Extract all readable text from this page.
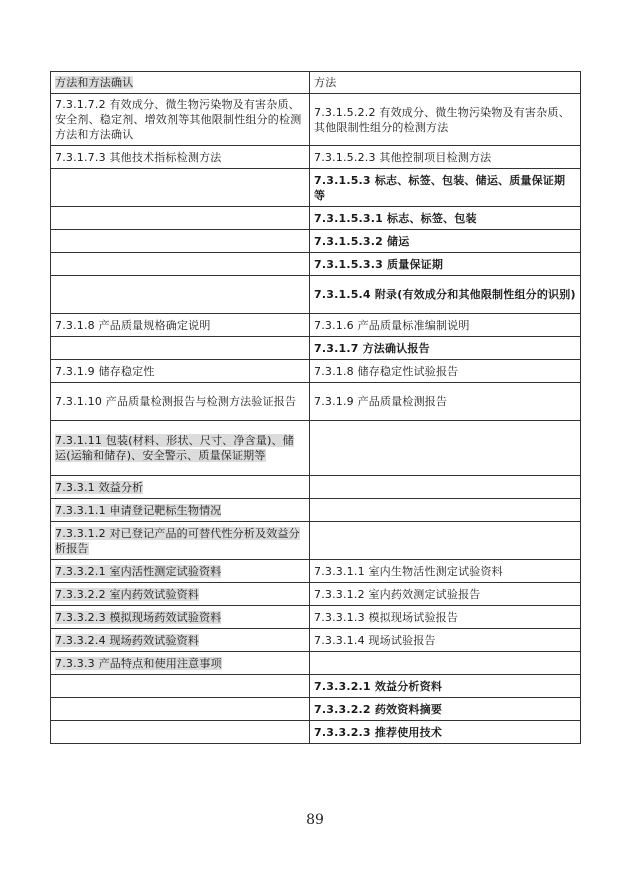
方法和方法确认	方法
7.3.1.7.2 有效成分、微生物污染物及有害杂质、安全剂、稳定剂、增效剂等其他限制性组分的检测方法和方法确认	7.3.1.5.2.2 有效成分、微生物污染物及有害杂质、其他限制性组分的检测方法
7.3.1.7.3 其他技术指标检测方法	7.3.1.5.2.3 其他控制项目检测方法
	7.3.1.5.3 标志、标签、包装、储运、质量保证期等
	7.3.1.5.3.1 标志、标签、包装
	7.3.1.5.3.2 储运
	7.3.1.5.3.3 质量保证期
	7.3.1.5.4 附录(有效成分和其他限制性组分的识别)
7.3.1.8 产品质量规格确定说明	7.3.1.6 产品质量标准编制说明
	7.3.1.7 方法确认报告
7.3.1.9 储存稳定性	7.3.1.8 储存稳定性试验报告
7.3.1.10 产品质量检测报告与检测方法验证报告	7.3.1.9 产品质量检测报告
7.3.1.11 包装(材料、形状、尺寸、净含量)、储运(运输和储存)、安全警示、质量保证期等	
7.3.3.1 效益分析	
7.3.3.1.1 申请登记靶标生物情况	
7.3.3.1.2 对已登记产品的可替代性分析及效益分析报告	
7.3.3.2.1 室内活性测定试验资料	7.3.3.1.1 室内生物活性测定试验资料
7.3.3.2.2 室内药效试验资料	7.3.3.1.2 室内药效测定试验报告
7.3.3.2.3 模拟现场药效试验资料	7.3.3.1.3 模拟现场试验报告
7.3.3.2.4 现场药效试验资料	7.3.3.1.4 现场试验报告
7.3.3.3 产品特点和使用注意事项	
	7.3.3.2.1 效益分析资料
	7.3.3.2.2 药效资料摘要
	7.3.3.2.3 推荐使用技术
89
